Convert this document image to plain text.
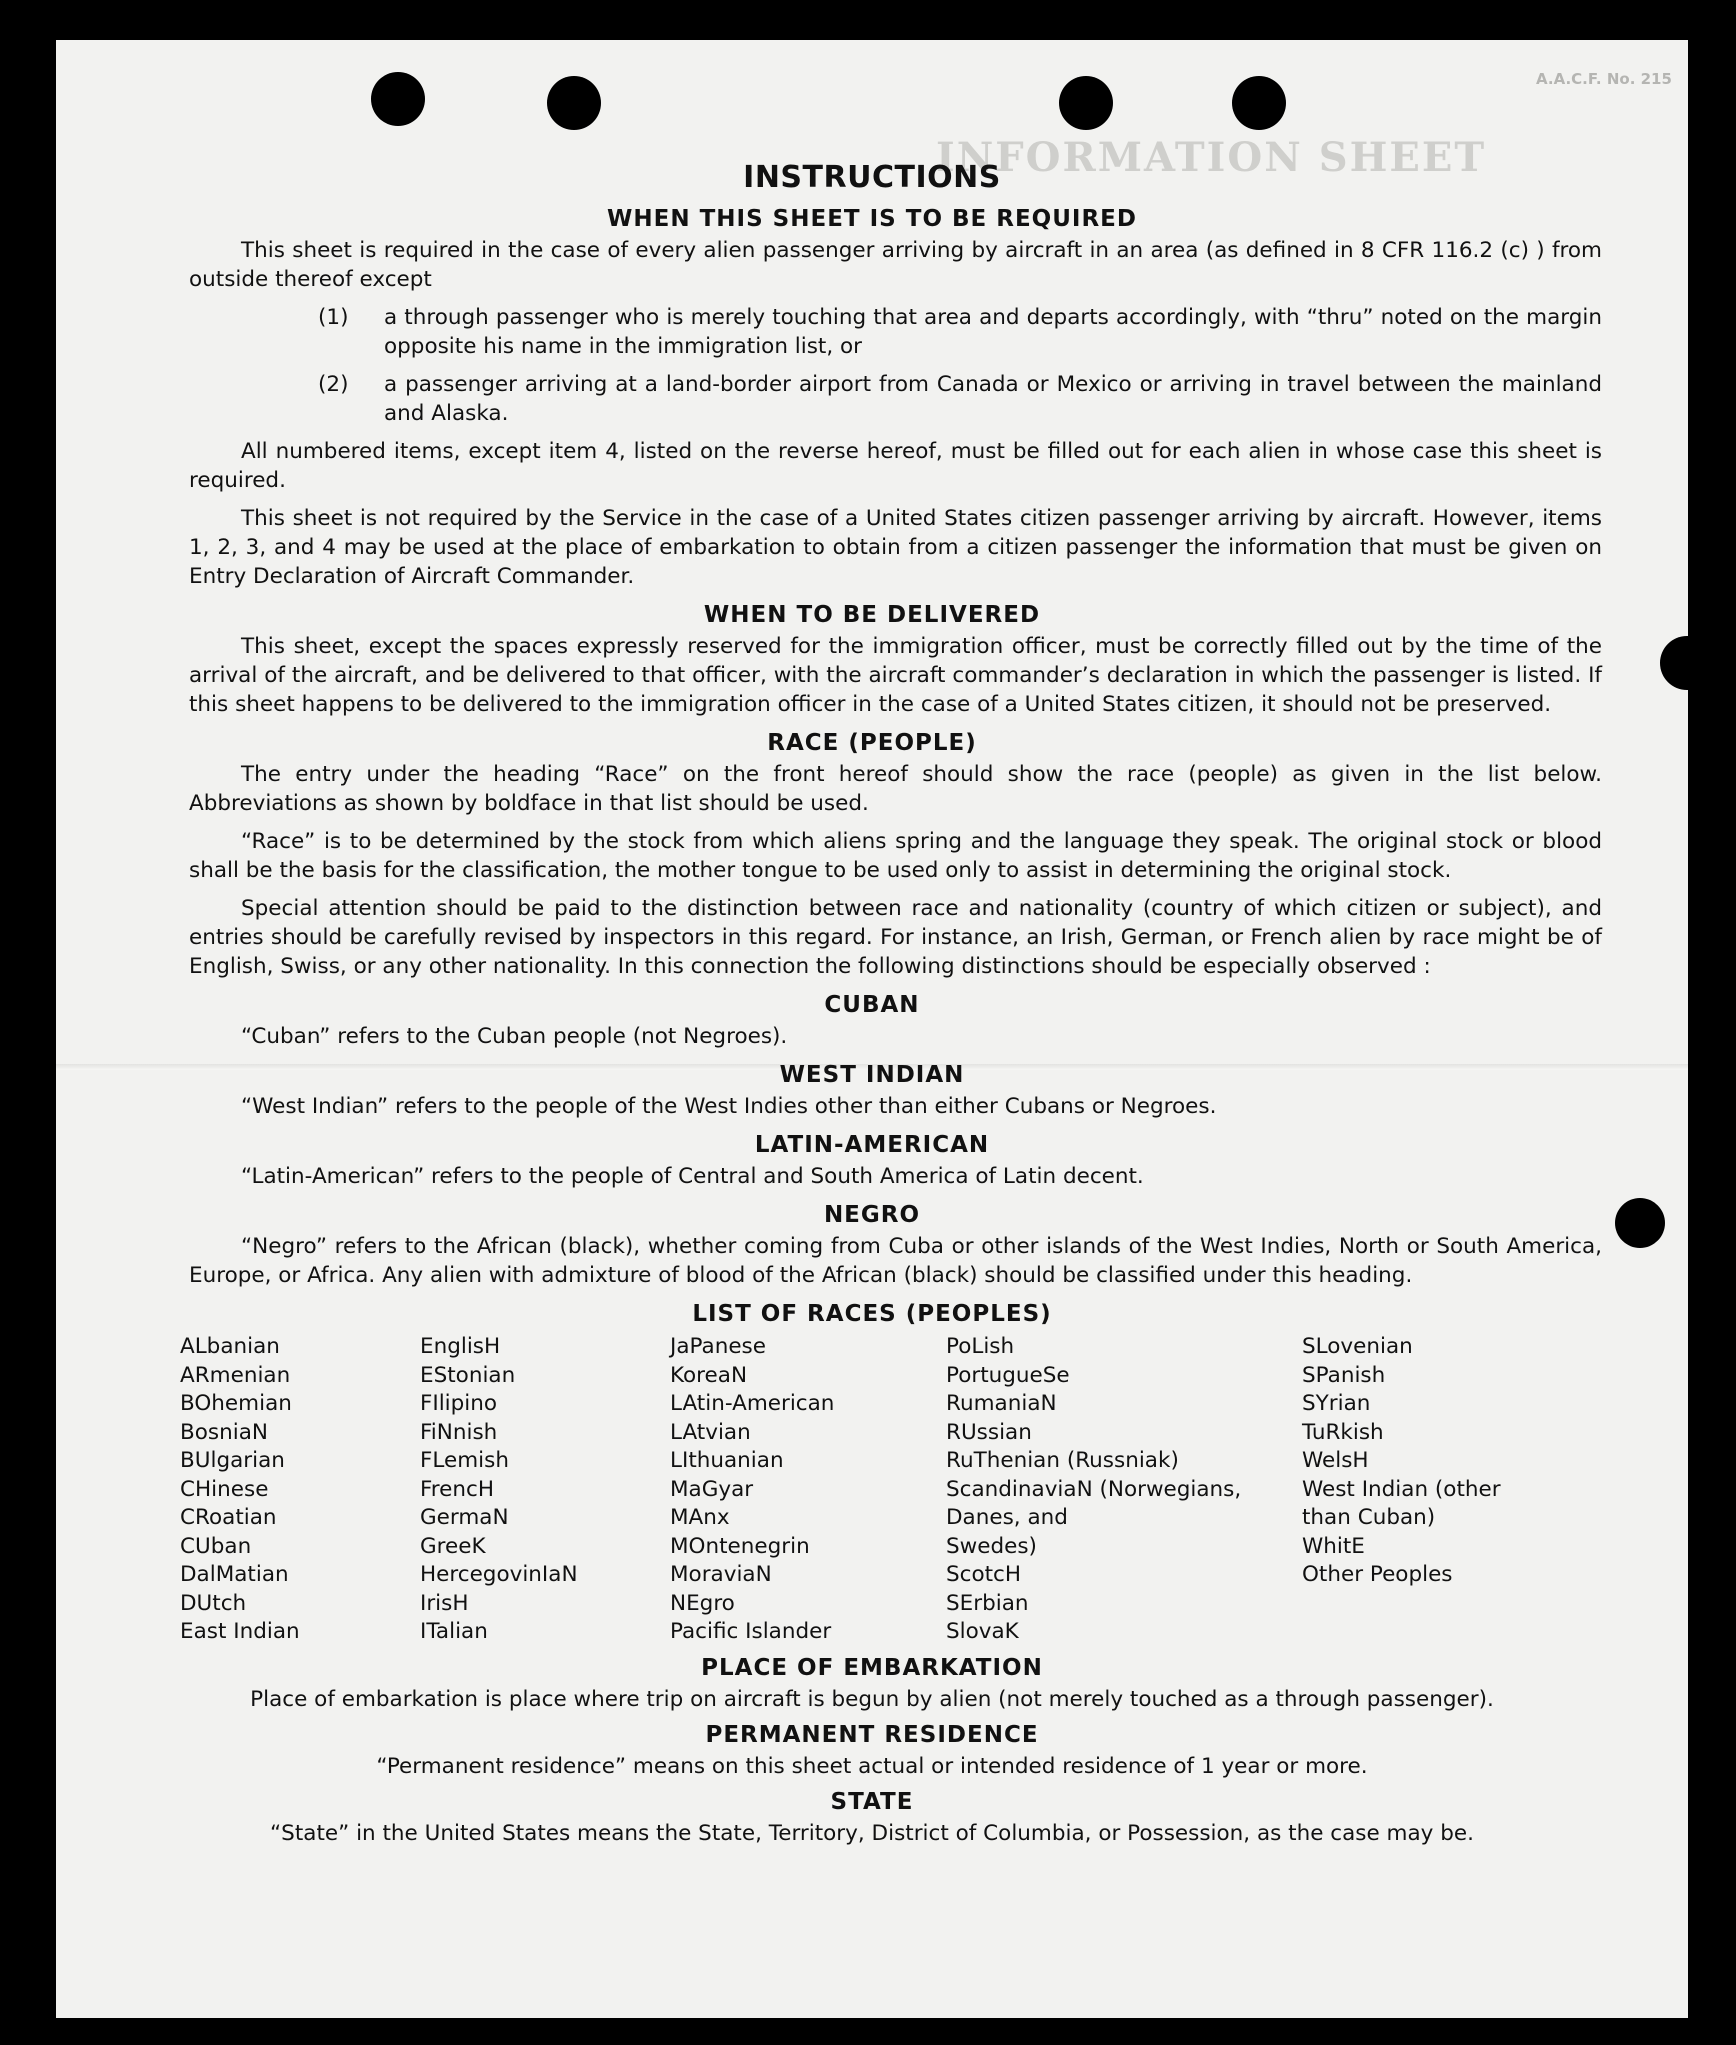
A.A.C.F. No. 215
INFORMATION SHEET
INSTRUCTIONS
WHEN THIS SHEET IS TO BE REQUIRED

This sheet is required in the case of every alien passenger arriving by aircraft in an area (as defined in 8 CFR 116.2 (c) ) from outside thereof except

(1)	a through passenger who is merely touching that area and departs accordingly, with “thru” noted on the margin opposite his name in the immigration list, or
(2)	a passenger arriving at a land-border airport from Canada or Mexico or arriving in travel between the mainland and Alaska.

All numbered items, except item 4, listed on the reverse hereof, must be filled out for each alien in whose case this sheet is required.

This sheet is not required by the Service in the case of a United States citizen passenger arriving by aircraft. However, items 1, 2, 3, and 4 may be used at the place of embarkation to obtain from a citizen passenger the information that must be given on Entry Declaration of Aircraft Commander.

WHEN TO BE DELIVERED

This sheet, except the spaces expressly reserved for the immigration officer, must be correctly filled out by the time of the arrival of the aircraft, and be delivered to that officer, with the aircraft commander’s declaration in which the passenger is listed. If this sheet happens to be delivered to the immigration officer in the case of a United States citizen, it should not be preserved.

RACE (PEOPLE)

The entry under the heading “Race” on the front hereof should show the race (people) as given in the list below. Abbreviations as shown by boldface in that list should be used.

“Race” is to be determined by the stock from which aliens spring and the language they speak. The original stock or blood shall be the basis for the classification, the mother tongue to be used only to assist in determining the original stock.

Special attention should be paid to the distinction between race and nationality (country of which citizen or subject), and entries should be carefully revised by inspectors in this regard. For instance, an Irish, German, or French alien by race might be of English, Swiss, or any other nationality. In this connection the following distinctions should be especially observed :

CUBAN

“Cuban” refers to the Cuban people (not Negroes).

WEST INDIAN

“West Indian” refers to the people of the West Indies other than either Cubans or Negroes.

LATIN-AMERICAN

“Latin-American” refers to the people of Central and South America of Latin decent.

NEGRO

“Negro” refers to the African (black), whether coming from Cuba or other islands of the West Indies, North or South America, Europe, or Africa. Any alien with admixture of blood of the African (black) should be classified under this heading.

LIST OF RACES (PEOPLES)
ALbanian
ARmenian
BOhemian
BosniaN
BUlgarian
CHinese
CRoatian
CUban
DalMatian
DUtch
East Indian
EnglisH
EStonian
FIlipino
FiNnish
FLemish
FrencH
GermaN
GreeK
HercegovinIaN
IrisH
ITalian
JaPanese
KoreaN
LAtin-American
LAtvian
LIthuanian
MaGyar
MAnx
MOntenegrin
MoraviaN
NEgro
Pacific Islander
PoLish
PortugueSe
RumaniaN
RUssian
RuThenian (Russniak)
ScandinaviaN (Norwegians,
Danes, and
Swedes)
ScotcH
SErbian
SlovaK
SLovenian
SPanish
SYrian
TuRkish
WelsH
West Indian (other
than Cuban)
WhitE
Other Peoples
PLACE OF EMBARKATION

Place of embarkation is place where trip on aircraft is begun by alien (not merely touched as a through passenger).

PERMANENT RESIDENCE

“Permanent residence” means on this sheet actual or intended residence of 1 year or more.

STATE

“State” in the United States means the State, Territory, District of Columbia, or Possession, as the case may be.
